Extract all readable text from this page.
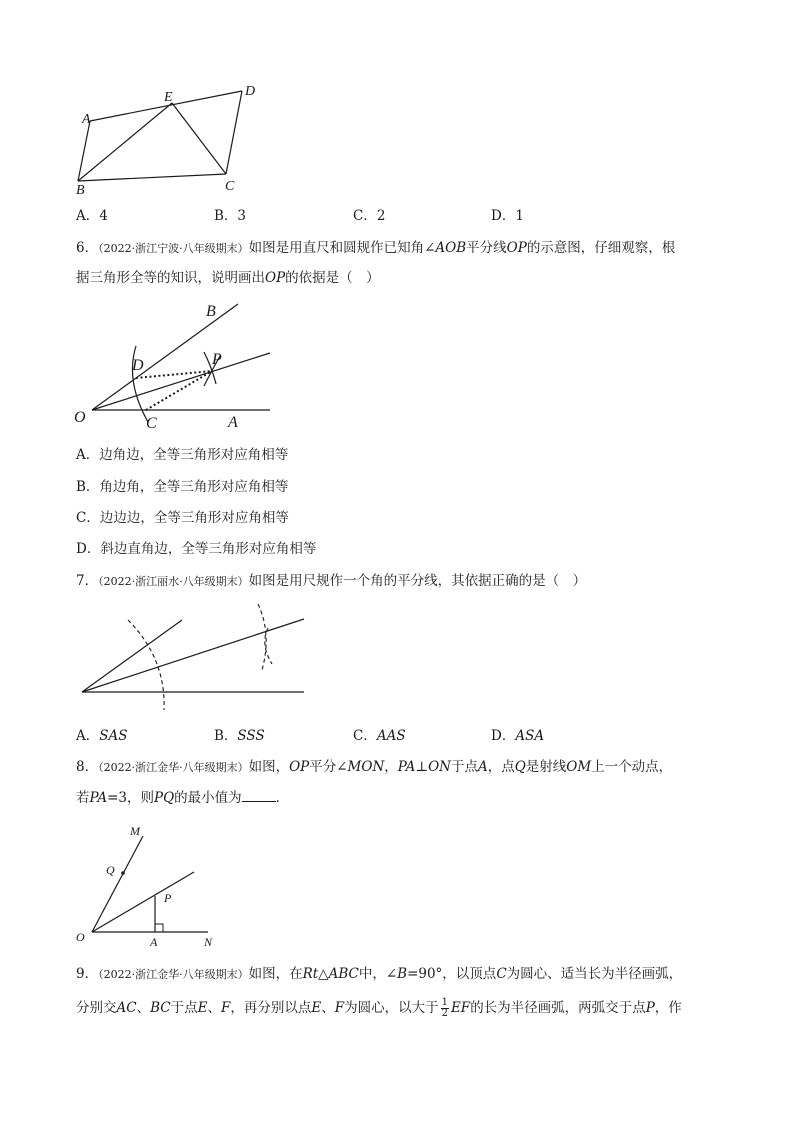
A
E	D
B	C
A．4	B．3	C．2	D．1
6．（2022·浙江宁波·八年级期末）如图是用直尺和圆规作已知角∠AOB平分线OP的示意图，仔细观察，根
据三角形全等的知识，说明画出OP的依据是（　）
B
D	P
O	C	A
A．边角边，全等三角形对应角相等
B．角边角，全等三角形对应角相等
C．边边边，全等三角形对应角相等
D．斜边直角边，全等三角形对应角相等
7．（2022·浙江丽水·八年级期末）如图是用尺规作一个角的平分线，其依据正确的是（　）
A．SAS	B．SSS	C．AAS	D．ASA
8．（2022·浙江金华·八年级期末）如图，OP平分∠MON，PA⊥ON于点A，点Q是射线OM上一个动点，
若PA=3，则PQ的最小值为	．
M
Q
P
O	A	N
9．（2022·浙江金华·八年级期末）如图，在Rt△ABC中，∠B=90°，以顶点C为圆心、适当长为半径画弧，
分别交AC、BC于点E、F，再分别以点E、F为圆心，以大于 $\frac{1}{2}$ EF的长为半径画弧，两弧交于点P，作
